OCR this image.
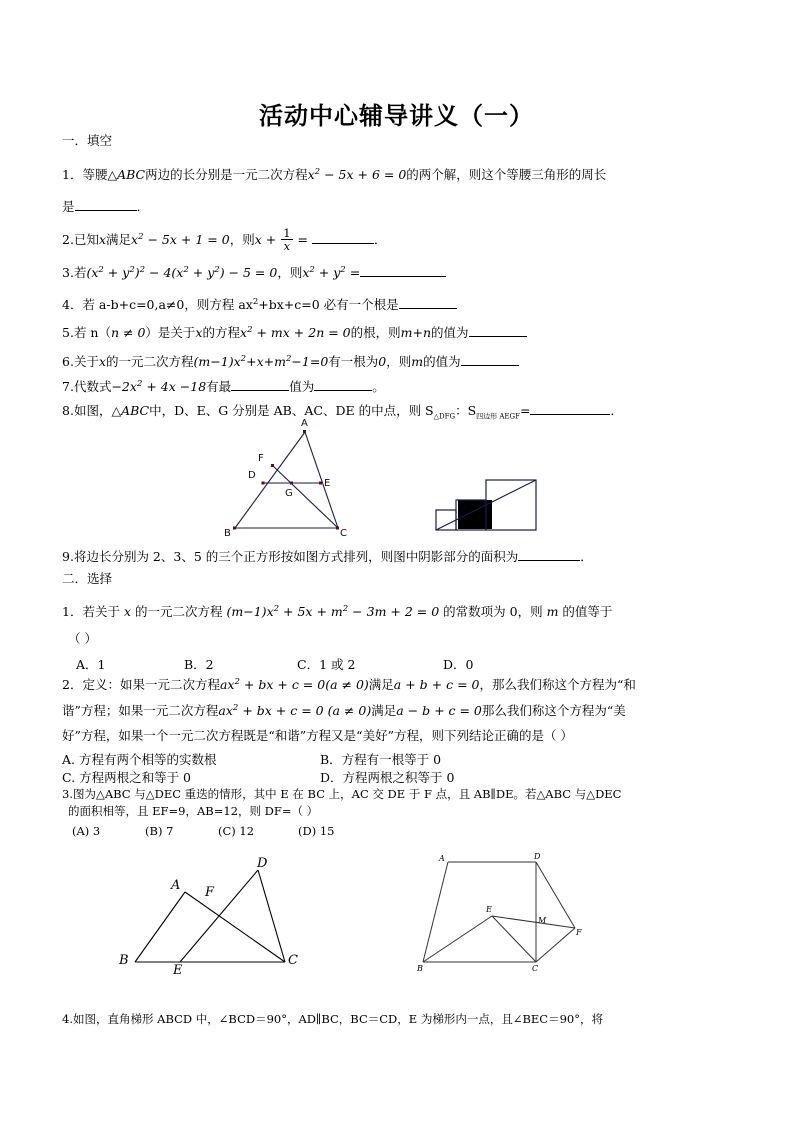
活动中心辅导讲义（一）
一．填空
1．等腰△ABC两边的长分别是一元二次方程$x^2 - 5x + 6 = 0$的两个解，则这个等腰三角形的周长
是	．
2.已知x满足$x^2 - 5x + 1 = 0$，则$x + \frac{1}{x}$ =	．
3.若$(x^2 + y^2)^2 - 4(x^2 + y^2) - 5 = 0$，则$x^2 + y^2$ =
4．若 a-b+c=0,a≠0，则方程 $ax^2+bx+c=0$ 必有一个根是
5.若 n（n ≠ 0）是关于x的方程$x^2$ + mx + 2n = 0的根，则m+n的值为
6.关于x的一元二次方程$(m-1)x^2+x+m^2-1=0$有一根为0，则m的值为
7.代数式$-2x^2 + 4x -18$有最	值为	。
8.如图，△ABC中，D、E、G 分别是 AB、AC、DE 的中点，则 $S_{\triangle DFG}$：$S_{四边形 AEGF}=$	．
A
F
D
E
G
B	C
9.将边长分别为 2、3、5 的三个正方形按如图方式排列，则图中阴影部分的面积为	．
二．选择
1．若关于 x 的一元二次方程 $(m-1)x^2 + 5x + m^2 - 3m + 2 = 0$ 的常数项为 0，则 m 的值等于
（ ）
A．1	B．2	C．1 或 2	D．0
2．定义：如果一元二次方程$ax^2$ + bx + c = 0(a ≠ 0)满足a + b + c = 0，那么我们称这个方程为“和
谐”方程；如果一元二次方程$ax^2$ + bx + c = 0 (a ≠ 0)满足a − b + c = 0那么我们称这个方程为“美
好”方程，如果一个一元二次方程既是“和谐”方程又是“美好”方程，则下列结论正确的是（ ）
A. 方程有两个相等的实数根	B．方程有一根等于 0
C. 方程两根之和等于 0	D．方程两根之积等于 0
3.图为△ABC 与△DEC 重迭的情形，其中 E 在 BC 上，AC 交 DE 于 F 点，且 AB∥DE。若△ABC 与△DEC
的面积相等，且 EF=9，AB=12，则 DF=（ ）
(A) 3	(B) 7	(C) 12	(D) 15
D
A F
B
E
C
A	D
E
M
F
B	C
4.如图，直角梯形 ABCD 中，∠BCD＝90°，AD∥BC，BC＝CD，E 为梯形内一点，且∠BEC＝90°，将
